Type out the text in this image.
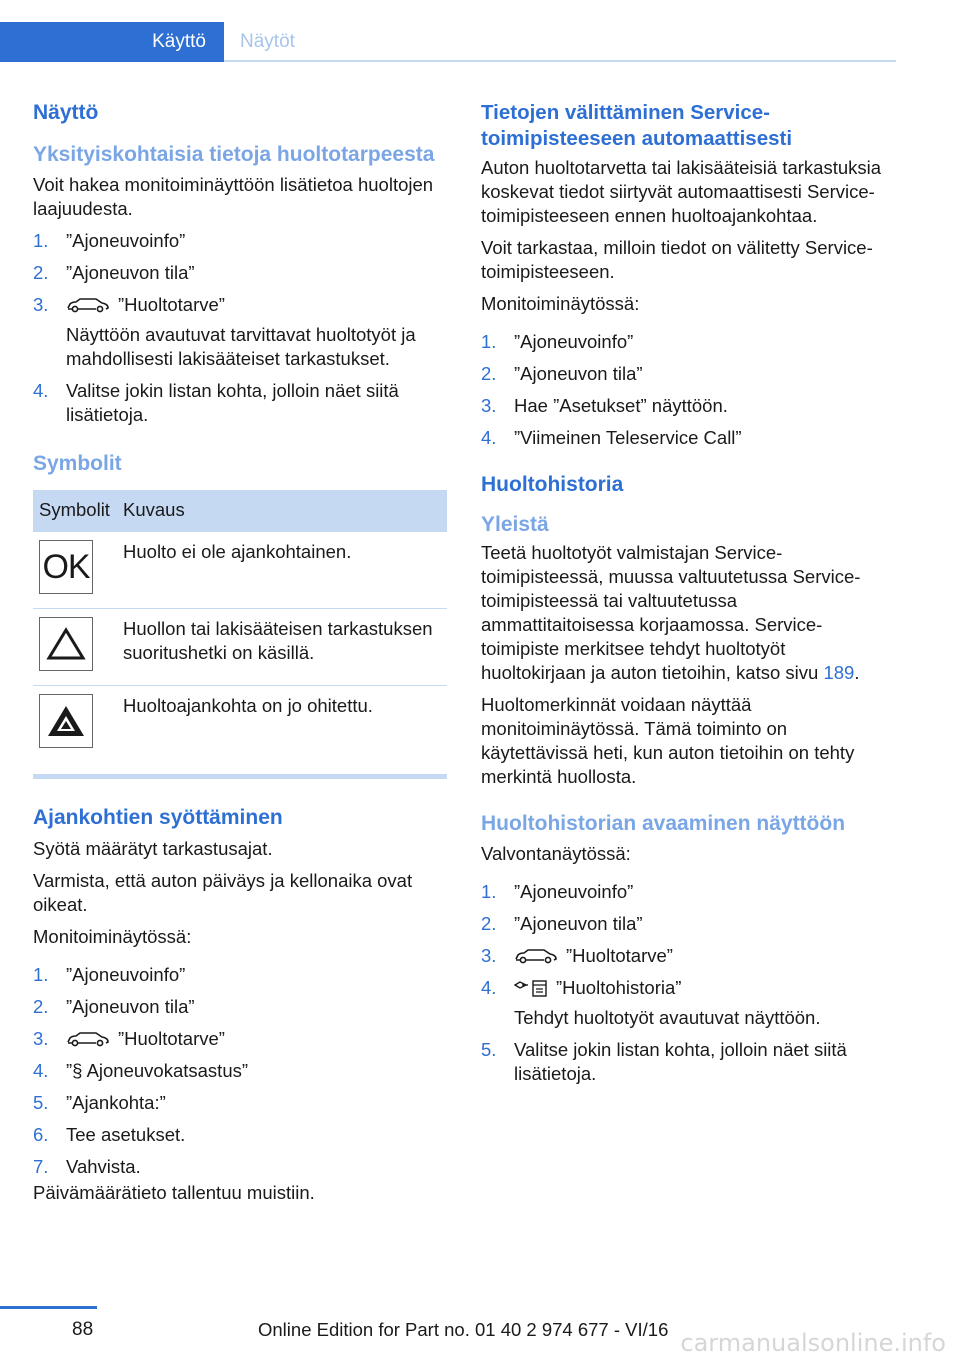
Käyttö Näytöt
Näyttö
Yksityiskohtaisia tietoja huoltotarpeesta

Voit hakea monitoiminäyttöön lisätietoa huoltojen laajuudesta.

1. ”Ajoneuvoinfo”
2. ”Ajoneuvon tila”
3.	”Huoltotarve”
Näyttöön avautuvat tarvittavat huoltotyöt ja mahdollisesti lakisääteiset tarkastukset.
4. Valitse jokin listan kohta, jolloin näet siitä lisätietoja.
Symbolit
Symbolit	Kuvaus

OK	Huolto ei ole ajankohtainen.

	Huollon tai lakisääteisen tarkastuksen suoritushetki on käsillä.

	Huoltoajankohta on jo ohitettu.
Ajankohtien syöttäminen

Syötä määrätyt tarkastusajat.

Varmista, että auton päiväys ja kellonaika ovat oikeat.

Monitoiminäytössä:

1. ”Ajoneuvoinfo”
2. ”Ajoneuvon tila”
3.	”Huoltotarve”
4. ”§ Ajoneuvokatsastus”
5. ”Ajankohta:”
6. Tee asetukset.
7. Vahvista.

Päivämäärätieto tallentuu muistiin.

Tietojen välittäminen Service-toimipisteeseen automaattisesti

Auton huoltotarvetta tai lakisääteisiä tarkastuksia koskevat tiedot siirtyvät automaattisesti Service-toimipisteeseen ennen huoltoajankohtaa.

Voit tarkastaa, milloin tiedot on välitetty Service-toimipisteeseen.

Monitoiminäytössä:

1. ”Ajoneuvoinfo”
2. ”Ajoneuvon tila”
3. Hae ”Asetukset” näyttöön.
4. ”Viimeinen Teleservice Call”
Huoltohistoria
Yleistä

Teetä huoltotyöt valmistajan Service-toimipisteessä, muussa valtuutetussa Service-toimipisteessä tai valtuutetussa ammattitaitoisessa korjaamossa. Service-toimipiste merkitsee tehdyt huoltotyöt huoltokirjaan ja auton tietoihin, katso sivu 189.

Huoltomerkinnät voidaan näyttää monitoiminäytössä. Tämä toiminto on käytettävissä heti, kun auton tietoihin on tehty merkintä huollosta.

Huoltohistorian avaaminen näyttöön

Valvontanäytössä:

1. ”Ajoneuvoinfo”
2. ”Ajoneuvon tila”
3.	”Huoltotarve”
4.	”Huoltohistoria”
Tehdyt huoltotyöt avautuvat näyttöön.
5. Valitse jokin listan kohta, jolloin näet siitä lisätietoja.
88	Online Edition for Part no. 01 40 2 974 677 - VI/16 carmanualsonline.info
